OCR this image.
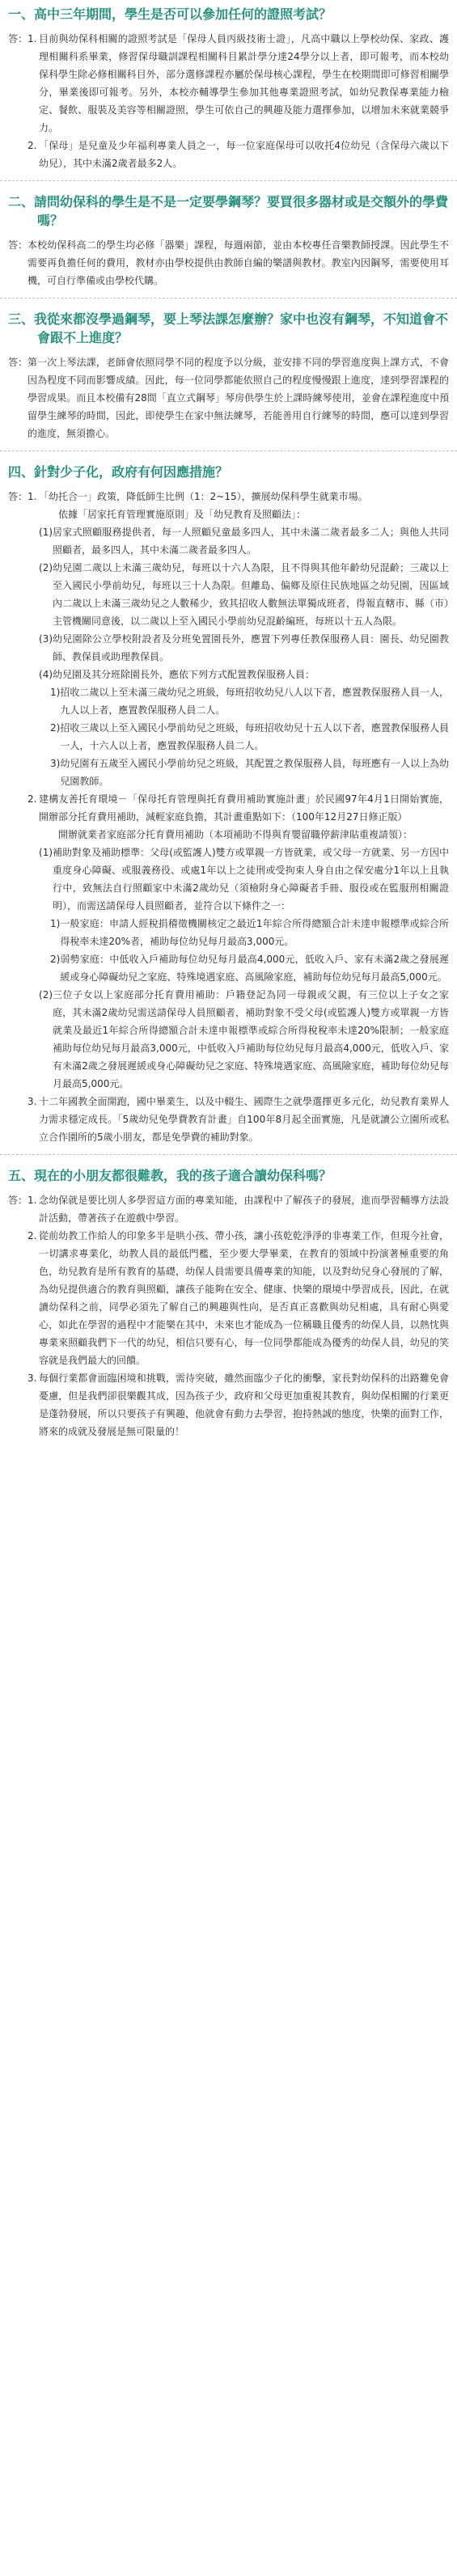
一、高中三年期間，學生是否可以參加任何的證照考試？
答： 1. 目前與幼保科相關的證照考試是「保母人員丙級技術士證」，凡高中職以上學校幼保、家政、護理相關科系畢業，修習保母職訓課程相關科目累計學分達24學分以上者，即可報考，而本校幼保科學生除必修相關科目外，部分選修課程亦屬於保母核心課程，學生在校期間即可修習相關學分，畢業後即可報考。另外，本校亦輔導學生參加其他專業證照考試，如幼兒教保專業能力檢定、餐飲、服裝及美容等相關證照，學生可依自己的興趣及能力選擇參加，以增加未來就業競爭力。
2. 「保母」是兒童及少年福利專業人員之一，每一位家庭保母可以收托4位幼兒（含保母六歲以下幼兒），其中未滿2歲者最多2人。
二、請問幼保科的學生是不是一定要學鋼琴？要買很多器材或是交額外的學費嗎？
答： 本校幼保科高二的學生均必修「器樂」課程，每週兩節，並由本校專任音樂教師授課。因此學生不需要再負擔任何的費用，教材亦由學校提供由教師自編的樂譜與教材。教室內因鋼琴，需要使用耳機，可自行準備或由學校代購。
三、我從來都沒學過鋼琴，要上琴法課怎麼辦？家中也沒有鋼琴，不知道會不會跟不上進度？
答： 第一次上琴法課，老師會依照同學不同的程度予以分級，並安排不同的學習進度與上課方式，不會因為程度不同而影響成績。因此，每一位同學都能依照自己的程度慢慢跟上進度，達到學習課程的學習成果。而且本校備有28間「直立式鋼琴」琴房供學生於上課時練琴使用，並會在課程進度中預留學生練琴的時間，因此，即使學生在家中無法練琴，若能善用自行練琴的時間，應可以達到學習的進度，無須擔心。
四、針對少子化，政府有何因應措施？
答： 1. 「幼托合一」政策，降低師生比例（1：2~15），擴展幼保科學生就業市場。
依據「居家托育管理實施原則」及「幼兒教育及照顧法」：
(1) 居家式照顧服務提供者，每一人照顧兒童最多四人，其中未滿二歲者最多二人；與他人共同照顧者，最多四人，其中未滿二歲者最多四人。
(2) 幼兒園二歲以上未滿三歲幼兒，每班以十六人為限，且不得與其他年齡幼兒混齡；三歲以上至入國民小學前幼兒，每班以三十人為限。但離島、偏鄉及原住民族地區之幼兒園，因區域內二歲以上未滿三歲幼兒之人數稀少，致其招收人數無法單獨成班者，得報直轄市、縣（市）主管機關同意後，以二歲以上至入國民小學前幼兒混齡編班，每班以十五人為限。
(3) 幼兒園除公立學校附設者及分班免置園長外，應置下列專任教保服務人員：園長、幼兒園教師、教保員或助理教保員。
(4) 幼兒園及其分班除園長外，應依下列方式配置教保服務人員：
1) 招收二歲以上至未滿三歲幼兒之班級，每班招收幼兒八人以下者，應置教保服務人員一人，九人以上者，應置教保服務人員二人。
2) 招收三歲以上至入國民小學前幼兒之班級，每班招收幼兒十五人以下者，應置教保服務人員一人，十六人以上者，應置教保服務人員二人。
3) 幼兒園有五歲至入國民小學前幼兒之班級，其配置之教保服務人員，每班應有一人以上為幼兒園教師。
2. 建構友善托育環境－「保母托育管理與托育費用補助實施計畫」於民國97年4月1日開始實施，開辦部分托育費用補助，減輕家庭負擔，其計畫重點如下：（100年12月27日修正版）
開辦就業者家庭部分托育費用補助（本項補助不得與育嬰留職停薪津貼重複請領）：
(1) 補助對象及補助標準：父母(或監護人)雙方或單親一方皆就業，或父母一方就業、另一方因中重度身心障礙、或服義務役、或處1年以上之徒刑或受拘束人身自由之保安處分1年以上且執行中，致無法自行照顧家中未滿2歲幼兒（須檢附身心障礙者手冊、服役或在監服刑相關證明），而需送請保母人員照顧者，並符合以下條件之一：
1) 一般家庭：申請人經稅捐稽徵機關核定之最近1年綜合所得總額合計未達申報標準或綜合所得稅率未達20%者，補助每位幼兒每月最高3,000元。
2) 弱勢家庭：中低收入戶補助每位幼兒每月最高4,000元，低收入戶、家有未滿2歲之發展遲緩或身心障礙幼兒之家庭、特殊境遇家庭、高風險家庭，補助每位幼兒每月最高5,000元。
(2) 三位子女以上家庭部分托育費用補助：戶籍登記為同一母親或父親，有三位以上子女之家庭，其未滿2歲幼兒需送請保母人員照顧者，補助對象不受父母(或監護人)雙方或單親一方皆就業及最近1年綜合所得總額合計未達申報標準或綜合所得稅稅率未達20%限制；一般家庭補助每位幼兒每月最高3,000元，中低收入戶補助每位幼兒每月最高4,000元，低收入戶、家有未滿2歲之發展遲緩或身心障礙幼兒之家庭、特殊境遇家庭、高風險家庭，補助每位幼兒每月最高5,000元。
3. 十二年國教全面開跑，國中畢業生，以及中輟生、國際生之就學選擇更多元化，幼兒教育業界人力需求穩定成長。「5歲幼兒免學費教育計畫」自100年8月起全面實施，凡是就讀公立園所或私立合作園所的5歲小朋友，都是免學費的補助對象。
五、現在的小朋友都很難教，我的孩子適合讀幼保科嗎？
答： 1. 念幼保就是要比別人多學習這方面的專業知能，由課程中了解孩子的發展，進而學習輔導方法設計活動，帶著孩子在遊戲中學習。
2. 從前幼教工作給人的印象多半是哄小孩、帶小孩，讓小孩乾乾淨淨的非專業工作，但現今社會，一切講求專業化，幼教人員的最低門檻，至少要大學畢業，在教育的領域中扮演著極重要的角色，幼兒教育是所有教育的基礎，幼保人員需要具備專業的知能，以及對幼兒身心發展的了解，為幼兒提供適合的教育與照顧，讓孩子能夠在安全、健康、快樂的環境中學習成長，因此，在就讀幼保科之前，同學必須先了解自己的興趣與性向，是否真正喜歡與幼兒相處，具有耐心與愛心，如此在學習的過程中才能樂在其中，未來也才能成為一位稱職且優秀的幼保人員，以熱忱與專業來照顧我們下一代的幼兒，相信只要有心，每一位同學都能成為優秀的幼保人員，幼兒的笑容就是我們最大的回饋。
3. 每個行業都會面臨困境和挑戰，需待突破，雖然面臨少子化的衝擊，家長對幼保科的出路難免會憂慮，但是我們卻很樂觀其成，因為孩子少，政府和父母更加重視其教育，與幼保相關的行業更是蓬勃發展，所以只要孩子有興趣，他就會有動力去學習，抱持熱誠的態度，快樂的面對工作，將來的成就及發展是無可限量的！
